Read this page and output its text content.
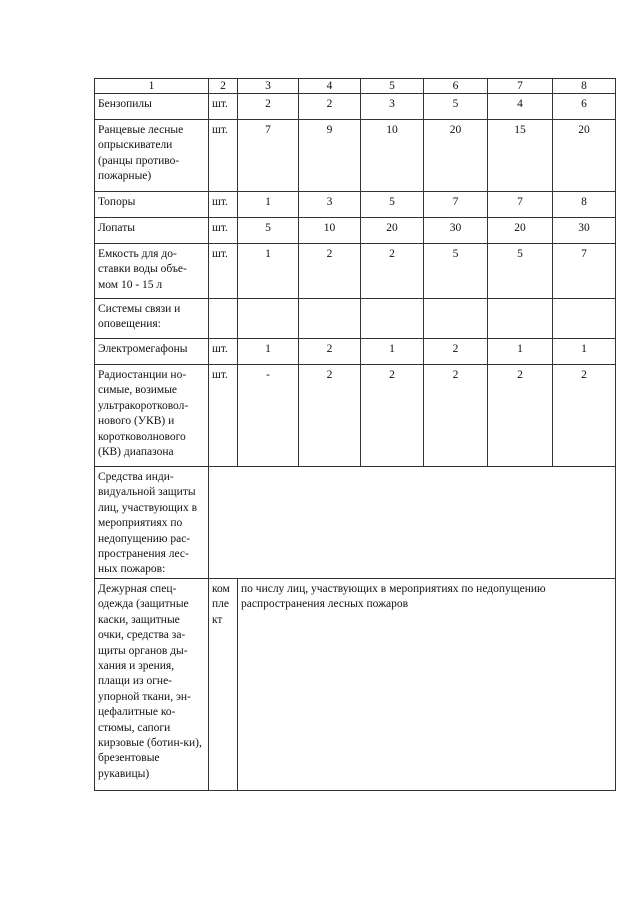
1	2	3	4	5	6	7	8
Бензопилы	шт.	2	2	3	5	4	6
Ранцевые лесные опрыскиватели (ранцы противо-пожарные)	шт.	7	9	10	20	15	20
Топоры	шт.	1	3	5	7	7	8
Лопаты	шт.	5	10	20	30	20	30
Емкость для до-ставки воды объе-мом 10 - 15 л	шт.	1	2	2	5	5	7
Системы связи и оповещения:							
Электромегафоны	шт.	1	2	1	2	1	1
Радиостанции но-симые, возимые ультракоротковол-нового (УКВ) и коротковолнового (КВ) диапазона	шт.	-	2	2	2	2	2
Средства инди-видуальной защиты лиц, участвующих в мероприятиях по недопущению рас-пространения лес-ных пожаров:							
Дежурная спец-одежда (защитные каски, защитные очки, средства за-щиты органов ды-хания и зрения, плащи из огне-упорной ткани, эн-цефалитные ко-стюмы, сапоги кирзовые (ботин-ки), брезентовые рукавицы)	ком пле кт	по числу лиц, участвующих в мероприятиях по недопущению распространения лесных пожаров					
